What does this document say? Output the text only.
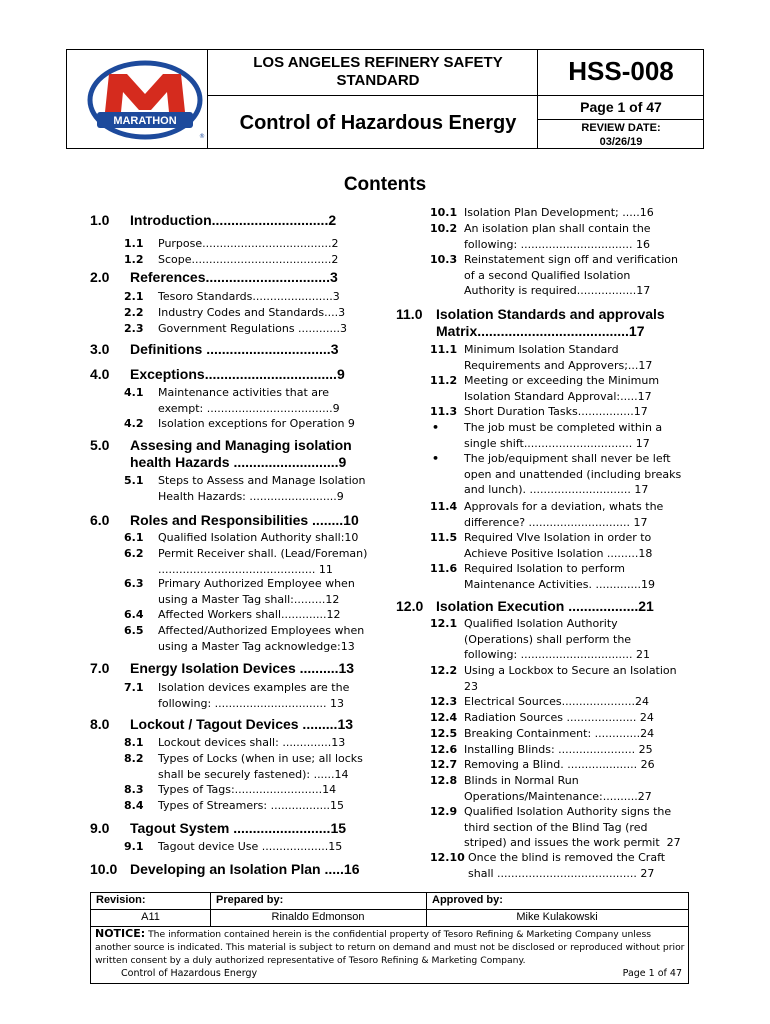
MARATHON
®
LOS ANGELES REFINERY SAFETY STANDARD
Control of Hazardous Energy
HSS-008
Page 1 of 47
REVIEW DATE:
03/26/19
Contents
1.0 Introduction..............................2
1.1 Purpose.....................................2
1.2 Scope........................................2
2.0 References................................3
2.1 Tesoro Standards.......................3
2.2 Industry Codes and Standards....3
2.3 Government Regulations ............3
3.0 Definitions ................................3
4.0 Exceptions..................................9
4.1 Maintenance activities that are
exempt: ....................................9
4.2 Isolation exceptions for Operation 9
5.0 Assesing and Managing isolation
health Hazards ...........................9
5.1 Steps to Assess and Manage Isolation
Health Hazards: .........................9
6.0 Roles and Responsibilities ........10
6.1 Qualified Isolation Authority shall:10
6.2 Permit Receiver shall. (Lead/Foreman)
............................................. 11
6.3 Primary Authorized Employee when
using a Master Tag shall:.........12
6.4 Affected Workers shall.............12
6.5 Affected/Authorized Employees when
using a Master Tag acknowledge:13
7.0 Energy Isolation Devices ..........13
7.1 Isolation devices examples are the
following: ................................ 13
8.0 Lockout / Tagout Devices .........13
8.1 Lockout devices shall: ..............13
8.2 Types of Locks (when in use; all locks
shall be securely fastened): ......14
8.3 Types of Tags:.........................14
8.4 Types of Streamers: .................15
9.0 Tagout System .........................15
9.1 Tagout device Use ...................15
10.0 Developing an Isolation Plan .....16
10.1 Isolation Plan Development; .....16
10.2 An isolation plan shall contain the
following: ................................ 16
10.3 Reinstatement sign off and verification
of a second Qualified Isolation
Authority is required.................17
11.0 Isolation Standards and approvals
Matrix.......................................17
11.1 Minimum Isolation Standard
Requirements and Approvers;...17
11.2 Meeting or exceeding the Minimum
Isolation Standard Approval:.....17
11.3 Short Duration Tasks................17
• The job must be completed within a
single shift............................... 17
• The job/equipment shall never be left
open and unattended (including breaks
and lunch). ............................. 17
11.4 Approvals for a deviation, whats the
difference? ............................. 17
11.5 Required Vlve Isolation in order to
Achieve Positive Isolation .........18
11.6 Required Isolation to perform
Maintenance Activities. .............19
12.0 Isolation Execution ..................21
12.1 Qualified Isolation Authority
(Operations) shall perform the
following: ................................ 21
12.2 Using a Lockbox to Secure an Isolation
23
12.3 Electrical Sources.....................24
12.4 Radiation Sources .................... 24
12.5 Breaking Containment: .............24
12.6 Installing Blinds: ...................... 25
12.7 Removing a Blind. .................... 26
12.8 Blinds in Normal Run
Operations/Maintenance:..........27
12.9 Qualified Isolation Authority signs the
third section of the Blind Tag (red
striped) and issues the work permit  27
12.10 Once the blind is removed the Craft
shall ........................................ 27
Revision:
A11
Prepared by:
Rinaldo Edmonson
Approved by:
Mike Kulakowski
NOTICE: The information contained herein is the confidential property of Tesoro Refining & Marketing Company unless another source is indicated. This material is subject to return on demand and must not be disclosed or reproduced without prior written consent by a duly authorized representative of Tesoro Refining & Marketing Company.
Control of Hazardous Energy	Page 1 of 47
